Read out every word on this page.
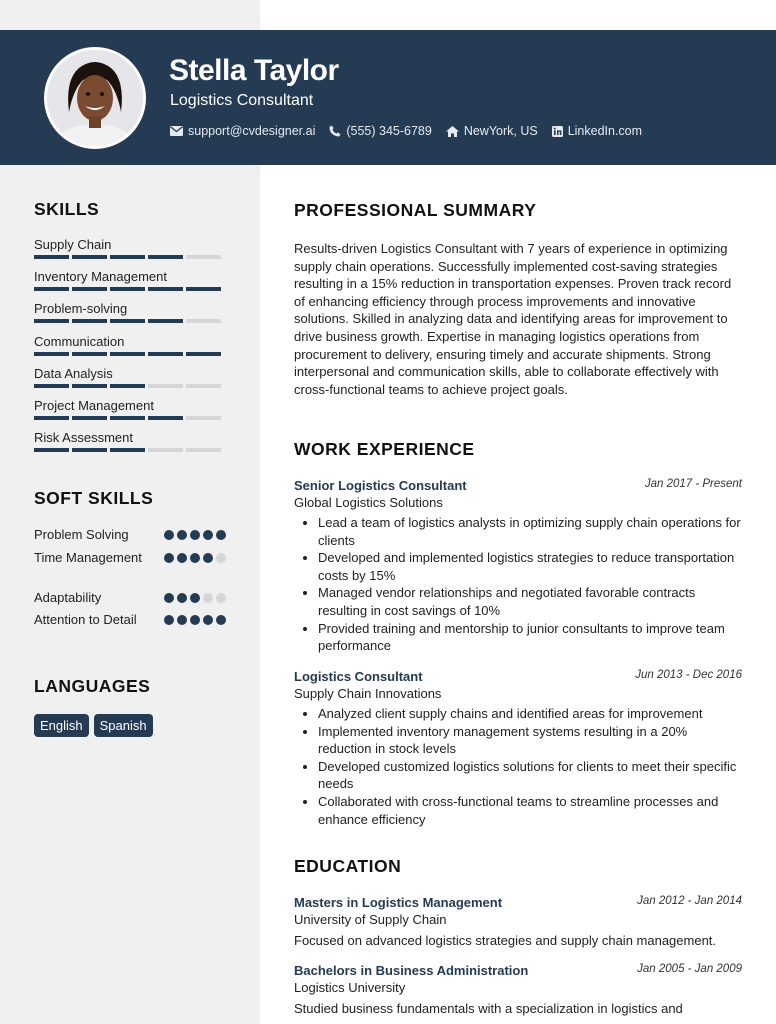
Stella Taylor
Logistics Consultant
support@cvdesigner.ai (555) 345-6789	NewYork, US LinkedIn.com
SKILLS
Supply Chain
Inventory Management
Problem-solving
Communication
Data Analysis
Project Management
Risk Assessment
SOFT SKILLS
Problem Solving
Time Management
Adaptability
Attention to Detail
LANGUAGES
English	Spanish
PROFESSIONAL SUMMARY
Results-driven Logistics Consultant with 7 years of experience in optimizing supply chain operations. Successfully implemented cost-saving strategies resulting in a 15% reduction in transportation expenses. Proven track record of enhancing efficiency through process improvements and innovative solutions. Skilled in analyzing data and identifying areas for improvement to drive business growth. Expertise in managing logistics operations from procurement to delivery, ensuring timely and accurate shipments. Strong interpersonal and communication skills, able to collaborate effectively with cross-functional teams to achieve project goals.
WORK EXPERIENCE
Senior Logistics Consultant	Jan 2017 - Present
Global Logistics Solutions
Lead a team of logistics analysts in optimizing supply chain operations for clients
Developed and implemented logistics strategies to reduce transportation costs by 15%
Managed vendor relationships and negotiated favorable contracts resulting in cost savings of 10%
Provided training and mentorship to junior consultants to improve team performance
Logistics Consultant	Jun 2013 - Dec 2016
Supply Chain Innovations
Analyzed client supply chains and identified areas for improvement
Implemented inventory management systems resulting in a 20% reduction in stock levels
Developed customized logistics solutions for clients to meet their specific needs
Collaborated with cross-functional teams to streamline processes and enhance efficiency
EDUCATION
Masters in Logistics Management	Jan 2012 - Jan 2014
University of Supply Chain
Focused on advanced logistics strategies and supply chain management.
Bachelors in Business Administration	Jan 2005 - Jan 2009
Logistics University
Studied business fundamentals with a specialization in logistics and
